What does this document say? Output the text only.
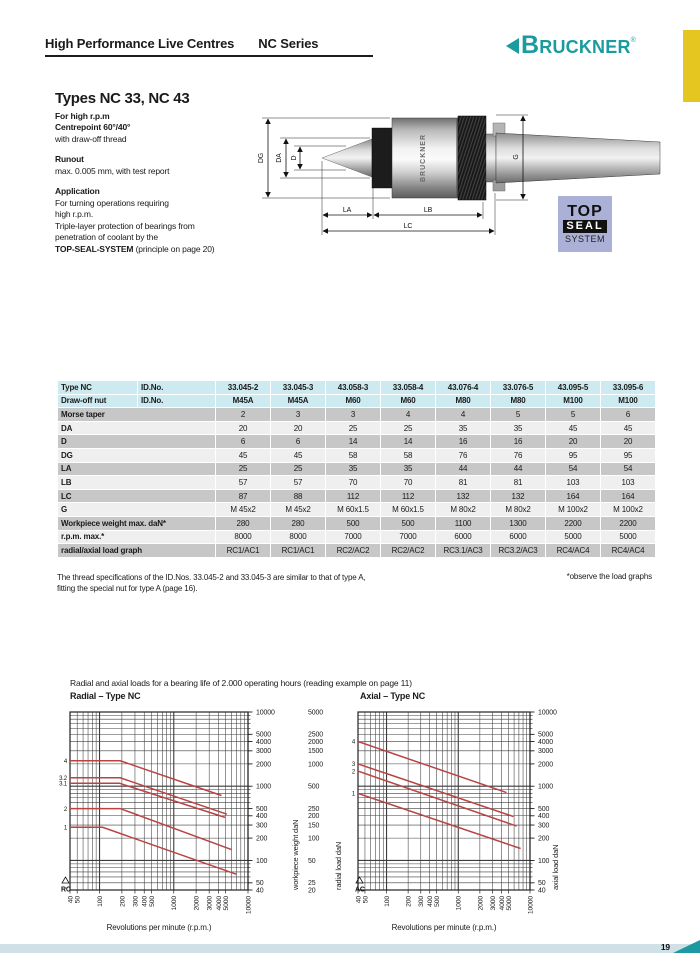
High Performance Live Centres NC Series	BRUCKNER ®
Types NC 33, NC 43
For high r.p.m
Centrepoint 60°/40°
with draw-off thread
Runout
max. 0.005 mm, with test report
Application
For turning operations requiring
high r.p.m.
Triple-layer protection of bearings from
penetration of coolant by the
TOP-SEAL-SYSTEM (principle on page 20)
BRUCKNER
DG DA D	G
LA	LB
LC
TOP
SEAL
SYSTEM
Type NC	ID.No.	33.045-2	33.045-3	43.058-3	33.058-4	43.076-4	33.076-5	43.095-5	33.095-6
Draw-off nut	ID.No.	M45A	M45A	M60	M60	M80	M80	M100	M100
Morse taper		2	3	3	4	4	5	5	6
DA		20	20	25	25	35	35	45	45
D		6	6	14	14	16	16	20	20
DG		45	45	58	58	76	76	95	95
LA		25	25	35	35	44	44	54	54
LB		57	57	70	70	81	81	103	103
LC		87	88	112	112	132	132	164	164
G		M 45x2	M 45x2	M 60x1.5	M 60x1.5	M 80x2	M 80x2	M 100x2	M 100x2
Workpiece weight max. daN*		280	280	500	500	1100	1300	2200	2200
r.p.m. max.*		8000	8000	7000	7000	6000	6000	5000	5000
radial/axial load graph		RC1/AC1	RC1/AC1	RC2/AC2	RC2/AC2	RC3.1/AC3	RC3.2/AC3	RC4/AC4	RC4/AC4
The thread specifications of the ID.Nos. 33.045-2 and 33.045-3 are similar to that of type A,
fitting the special nut for type A (page 16).
*observe the load graphs
Radial and axial loads for a bearing life of 2.000 operating hours (reading example on page 11)
Radial – Type NC	Axial – Type NC
40 50 100 200 300 400 500 1000 2000 3000 4000 5000 10000
10000
5000
4000
3000
2000
1000
500
400
300
200
100
50
40
workpiece weight daN
5000
2500
2000
1500
1000
500
250
200
150
100
50
25
20
radial load daN
4
3.2
3.1
2
1
RC
Revolutions per minute (r.p.m.)
40 50 100 200 300 400 500 1000 2000 3000 4000 5000 10000
10000
5000
4000
3000
2000
1000
500
400
300
200
100
50
40
axial load daN
4
3
2
1
AC
Revolutions per minute (r.p.m.)
19
